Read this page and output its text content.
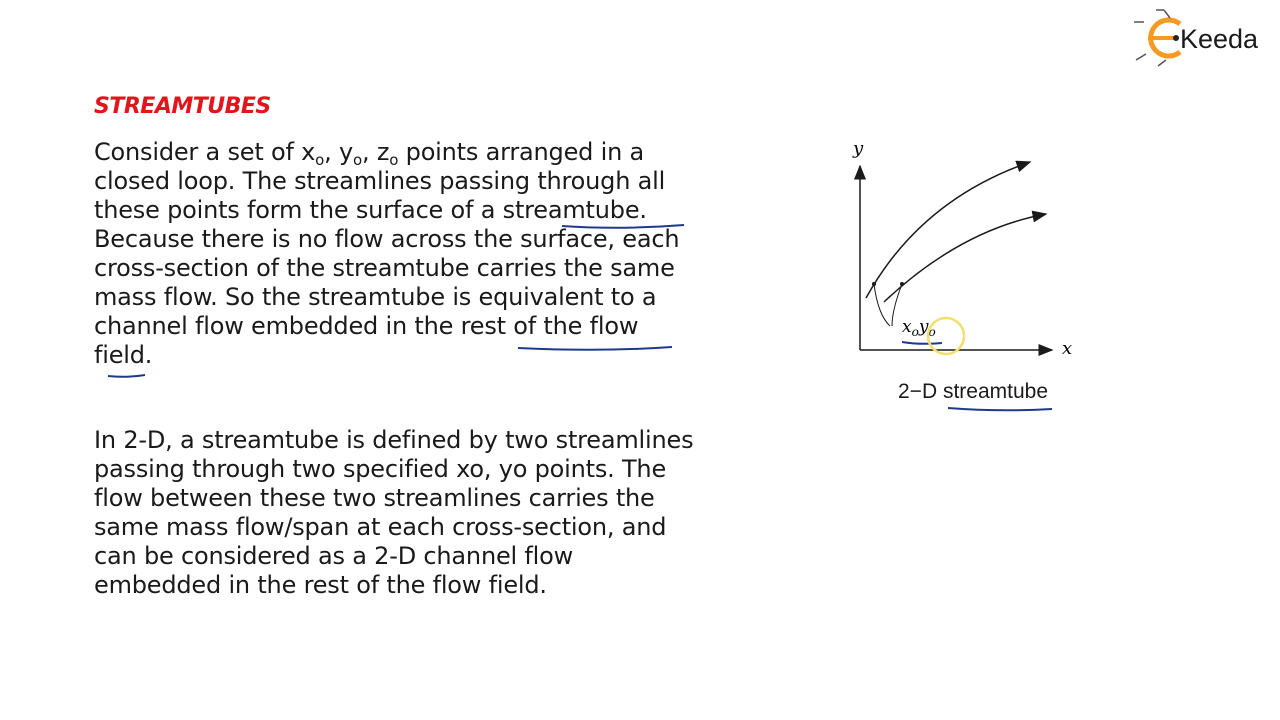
Keeda
STREAMTUBES
Consider a set of $x_o$, $y_o$, $z_o$ points arranged in a
closed loop. The streamlines passing through all
these points form the surface of a streamtube.
Because there is no flow across the surface, each
cross-section of the streamtube carries the same
mass flow. So the streamtube is equivalent to a
channel flow embedded in the rest of the flow
field.
In 2-D, a streamtube is defined by two streamlines
passing through two specified xo, yo points. The
flow between these two streamlines carries the
same mass flow/span at each cross-section, and
can be considered as a 2-D channel flow
embedded in the rest of the flow field.
y
x
$x_oy_o$
2−D streamtube
